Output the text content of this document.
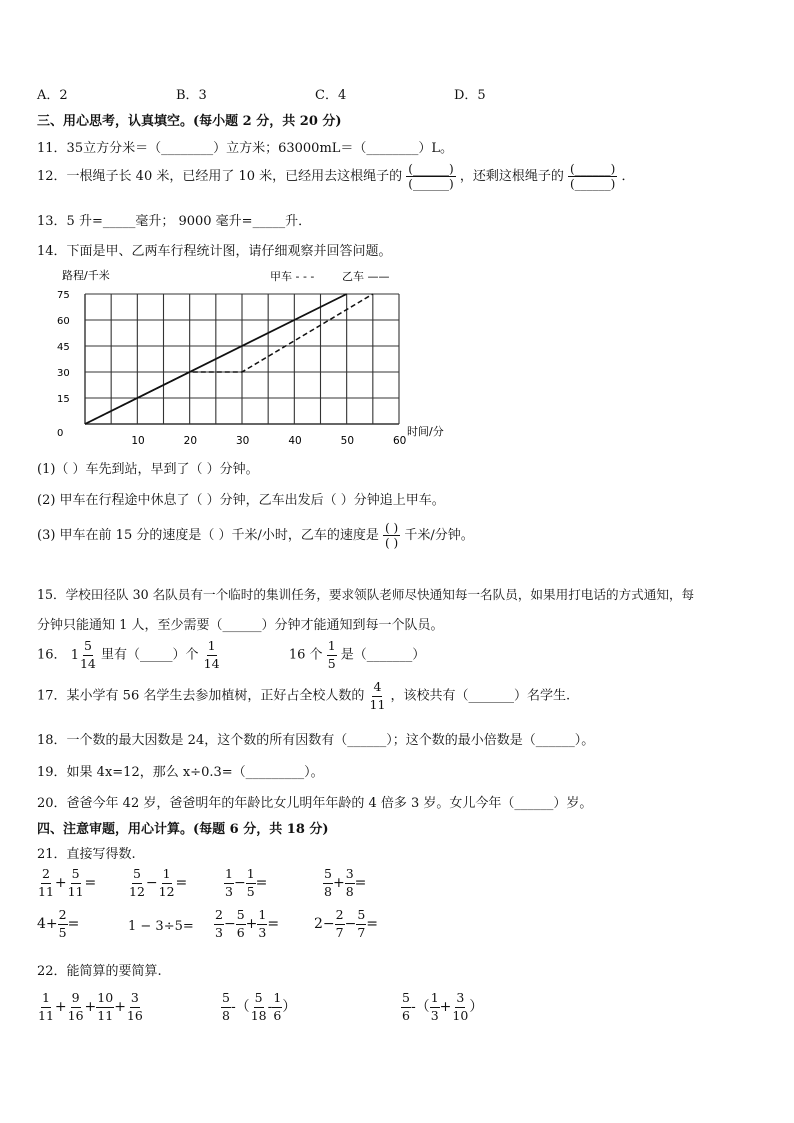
A．2	B．3	C．4	D．5
三、用心思考，认真填空。(每小题 2 分，共 20 分)
11．35立方分米＝（________）立方米；63000mL＝（________）L。
12．一根绳子长 40 米，已经用了 10 米，已经用去这根绳子的 $\frac{(\_\_\_\_\_\_)}{(\_\_\_\_\_\_)}$ ，还剩这根绳子的 $\frac{(\_\_\_\_\_\_)}{(\_\_\_\_\_\_)}$ ．
13．5 升=_____毫升； 9000 毫升=_____升．
14．下面是甲、乙两车行程统计图，请仔细观察并回答问题。
路程/千米	甲车 - - -	乙车 ——
0
15
30
45
60
75
10	20	30	40	50	60
时间/分
(1)（ ）车先到站，早到了（ ）分钟。
(2) 甲车在行程途中休息了（ ）分钟，乙车出发后（ ）分钟追上甲车。
(3) 甲车在前 15 分的速度是（ ）千米/小时，乙车的速度是 $\frac{( )}{( )}$ 千米/分钟。
15．学校田径队 30 名队员有一个临时的集训任务，要求领队老师尽快通知每一名队员，如果用打电话的方式通知，每
分钟只能通知 1 人，至少需要（______）分钟才能通知到每一个队员。
16． $1 \frac{5}{14}$ 里有（_____）个 $\frac{1}{14}$	16 个 $\frac{1}{5}$ 是（_______）
17．某小学有 56 名学生去参加植树，正好占全校人数的 $\frac{4}{11}$ ，该校共有（_______）名学生.
18．一个数的最大因数是 24，这个数的所有因数有（______）；这个数的最小倍数是（______）。
19．如果 4x=12，那么 x÷0.3=（_________）。
20．爸爸今年 42 岁，爸爸明年的年龄比女儿明年年龄的 4 倍多 3 岁。女儿今年（______）岁。
四、注意审题，用心计算。(每题 6 分，共 18 分)
21．直接写得数.
$\frac{2}{11} + \frac{5}{11}$ =	$\frac{5}{12} - \frac{1}{12}$ =	$\frac{1}{3} - \frac{1}{5}$ =	$\frac{5}{8} + \frac{3}{8}$ =
$4+ \frac{2}{5}$ =	$1 - 3\div 5= \frac{2}{3} - \frac{5}{6} + \frac{1}{3} = 2- \frac{2}{7} - \frac{5}{7}$ =
22．能简算的要简算.
$\frac{1}{11} + \frac{9}{16} + \frac{10}{11} + \frac{3}{16}$	$\frac{5}{8}$ -（ $\frac{5}{18} - \frac{1}{6}$ ）	$\frac{5}{6}$ -（ $\frac{1}{3} + \frac{3}{10}$ ）
